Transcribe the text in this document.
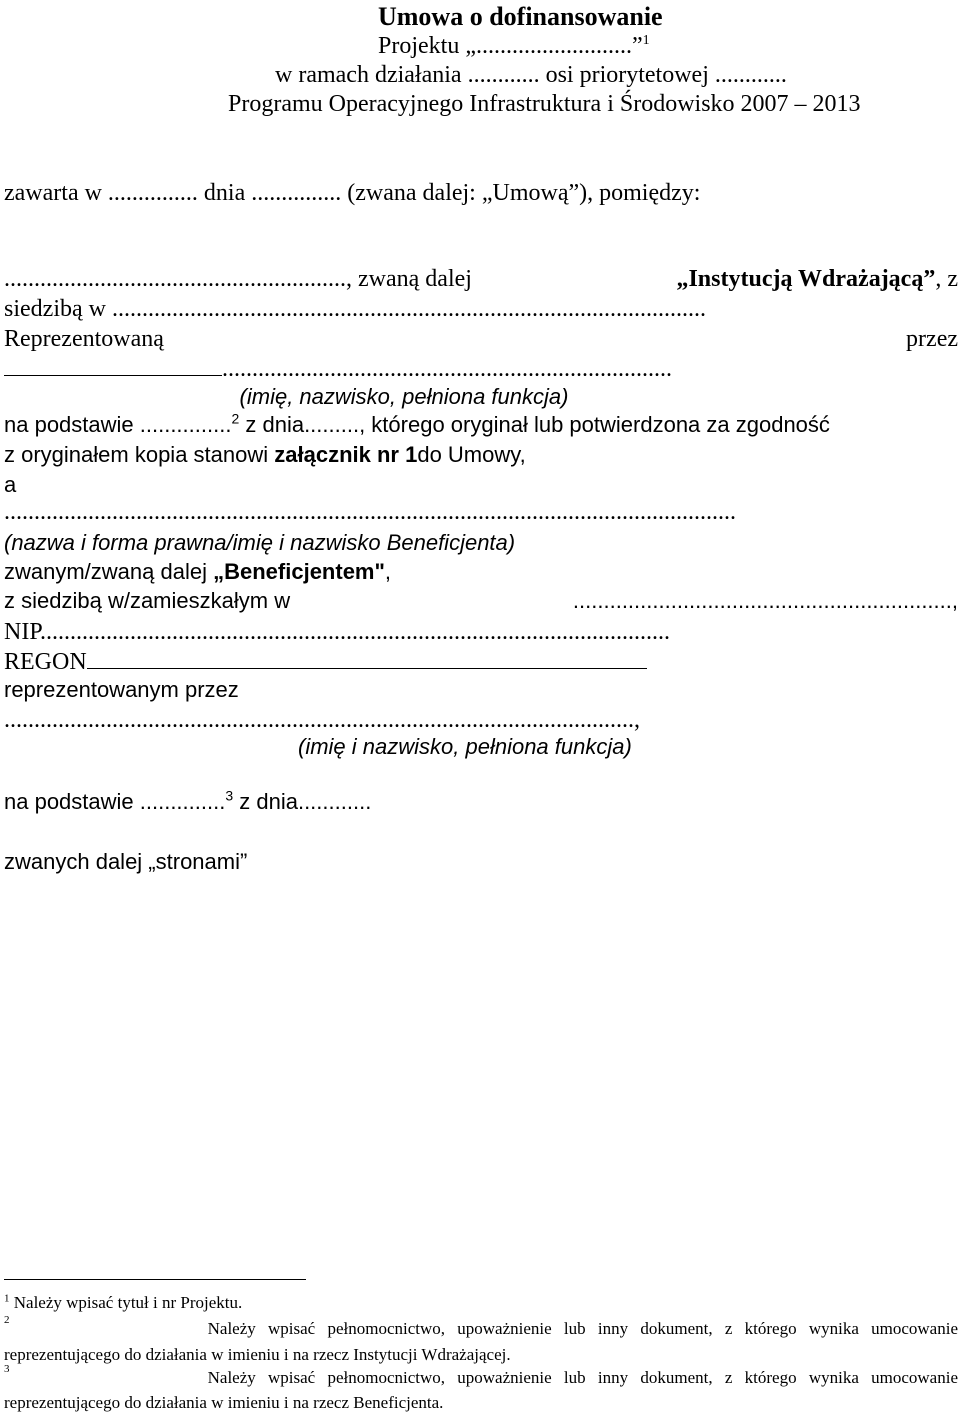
Umowa o dofinansowanie
Projektu „..........................”$^1$
w ramach działania ............ osi priorytetowej ............
Programu Operacyjnego Infrastruktura i Środowisko 2007 – 2013
zawarta w ............... dnia ............... (zwana dalej: „Umową”), pomiędzy:
........................................................., zwaną dalej	„Instytucją Wdrażającą”, z
siedzibą w ...................................................................................................
Reprezentowaną	przez
...........................................................................
(imię, nazwisko, pełniona funkcja)
na podstawie ...............$^2$ z dnia........., którego oryginał lub potwierdzona za zgodność
z oryginałem kopia stanowi załącznik nr 1do Umowy,
a
..........................................................................................................................
(nazwa i forma prawna/imię i nazwisko Beneficjenta)
zwanym/zwaną dalej „Beneficjentem",
z siedzibą w/zamieszkałym w	..............................................................,
NIP.........................................................................................................
REGON
reprezentowanym przez
.........................................................................................................,
(imię i nazwisko, pełniona funkcja)
na podstawie ..............$^3$ z dnia............
zwanych dalej „stronami”
$^1$ Należy wpisać tytuł i nr Projektu.
2	Należy wpisać pełnomocnictwo, upoważnienie lub inny dokument, z którego wynika umocowanie
reprezentującego do działania w imieniu i na rzecz Instytucji Wdrażającej.
3	Należy wpisać pełnomocnictwo, upoważnienie lub inny dokument, z którego wynika umocowanie
reprezentującego do działania w imieniu i na rzecz Beneficjenta.
